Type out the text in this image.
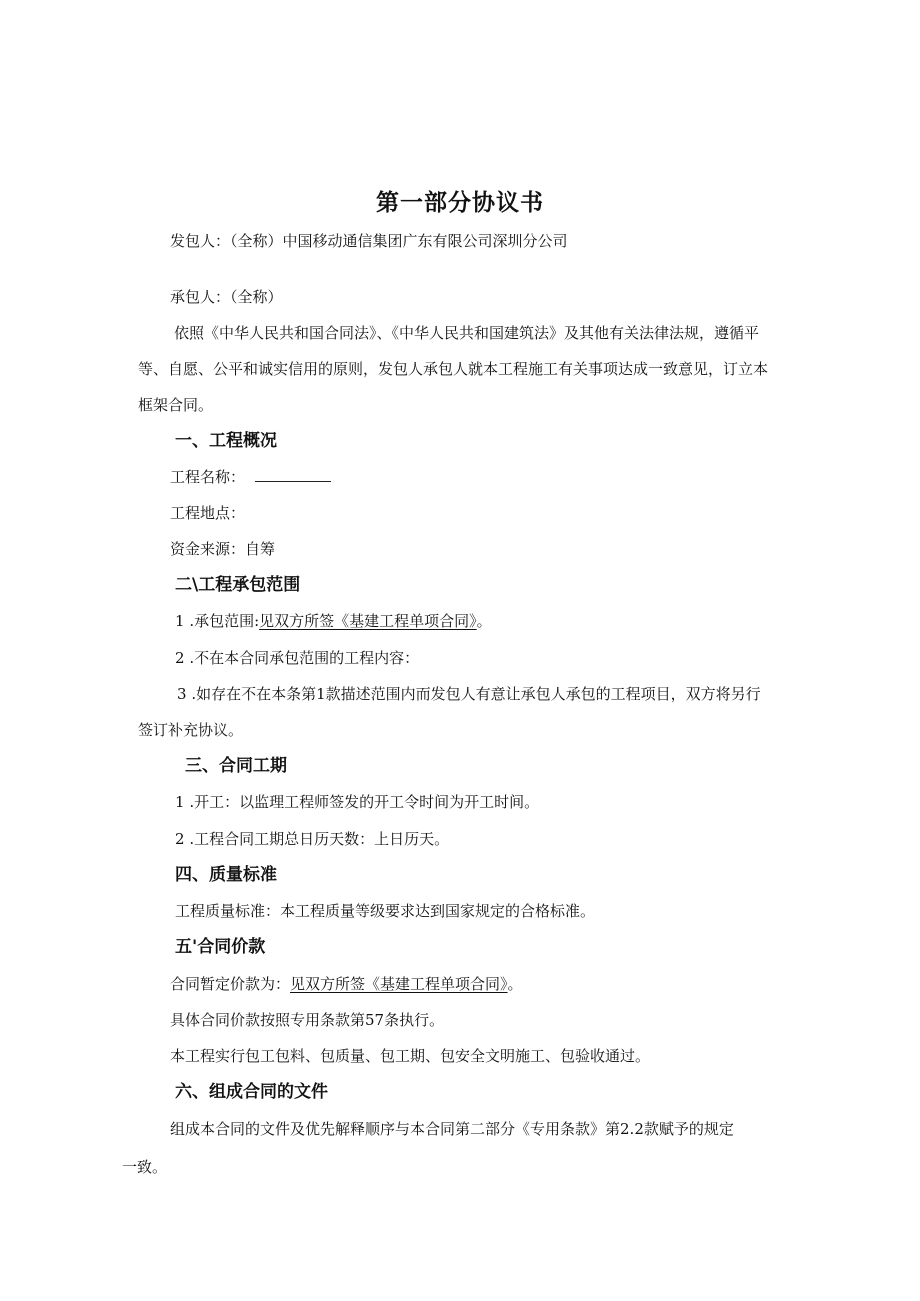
第一部分协议书
发包人：（全称）中国移动通信集团广东有限公司深圳分公司
承包人：（全称）
依照《中华人民共和国合同法》、《中华人民共和国建筑法》及其他有关法律法规，遵循平
等、自愿、公平和诚实信用的原则，发包人承包人就本工程施工有关事项达成一致意见，订立本
框架合同。
一、工程概况
工程名称：
工程地点：
资金来源：自筹
二\工程承包范围
1 .承包范围:见双方所签《基建工程单项合同》。
2 .不在本合同承包范围的工程内容：
3 .如存在不在本条第1款描述范围内而发包人有意让承包人承包的工程项目，双方将另行
签订补充协议。
三、合同工期
1 .开工：以监理工程师签发的开工令时间为开工时间。
2 .工程合同工期总日历天数：上日历天。
四、质量标准
工程质量标准：本工程质量等级要求达到国家规定的合格标准。
五'合同价款
合同暂定价款为：见双方所签《基建工程单项合同》。
具体合同价款按照专用条款第57条执行。
本工程实行包工包料、包质量、包工期、包安全文明施工、包验收通过。
六、组成合同的文件
组成本合同的文件及优先解释顺序与本合同第二部分《专用条款》第2.2款赋予的规定
一致。
